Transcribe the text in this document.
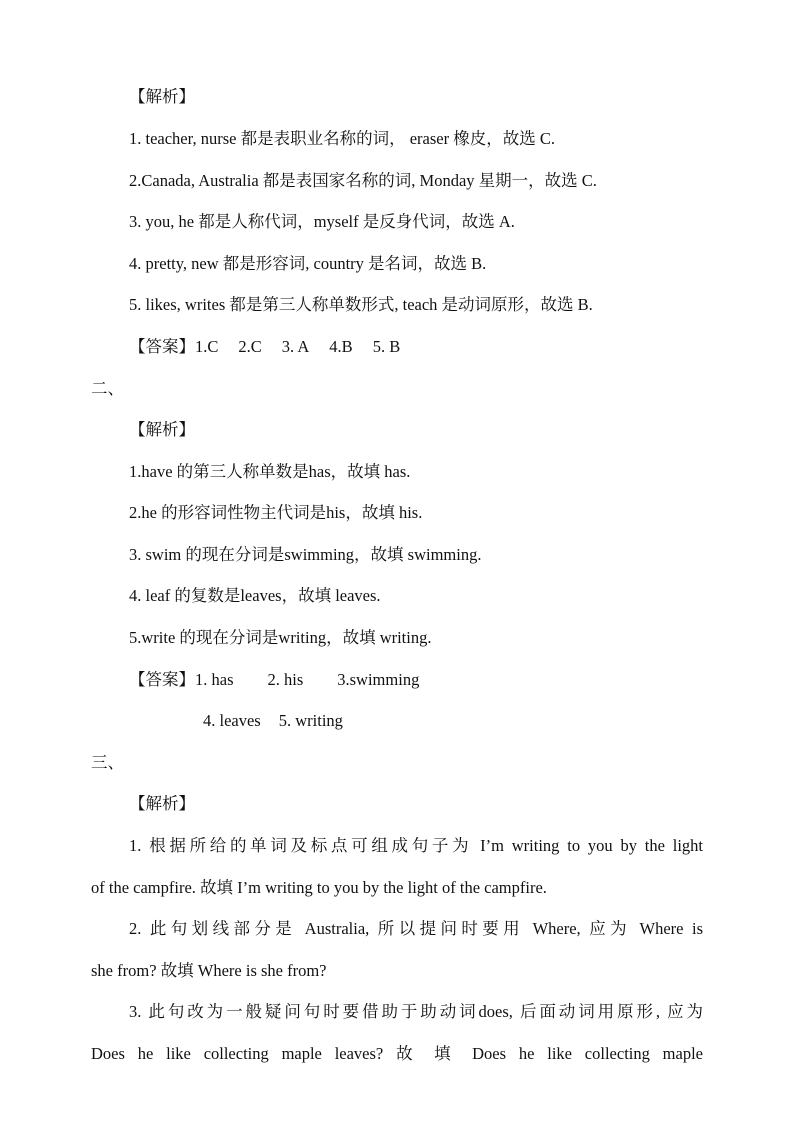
【解析】
1. teacher, nurse 都是表职业名称的词， eraser 橡皮，故选 C.
2.Canada, Australia 都是表国家名称的词, Monday 星期一，故选 C.
3. you, he 都是人称代词，myself 是反身代词，故选 A.
4. pretty, new 都是形容词, country 是名词，故选 B.
5. likes, writes 都是第三人称单数形式, teach 是动词原形，故选 B.
【答案】1.C 2.C 3. A 4.B 5. B
二、
【解析】
1.have 的第三人称单数是has，故填 has.
2.he 的形容词性物主代词是his，故填 his.
3. swim 的现在分词是swimming，故填 swimming.
4. leaf 的复数是leaves，故填 leaves.
5.write 的现在分词是writing，故填 writing.
【答案】1. has 2. his 3.swimming
4. leaves 5. writing
三、
【解析】
1. 根据所给的单词及标点可组成句子为 I’m writing to you by the light
of the campfire. 故填 I’m writing to you by the light of the campfire.
2. 此句划线部分是 Australia, 所以提问时要用 Where, 应为 Where is
she from? 故填 Where is she from?
3. 此句改为一般疑问句时要借助于助动词does, 后面动词用原形, 应为
Does he like collecting maple leaves? 故 填 Does he like collecting maple
